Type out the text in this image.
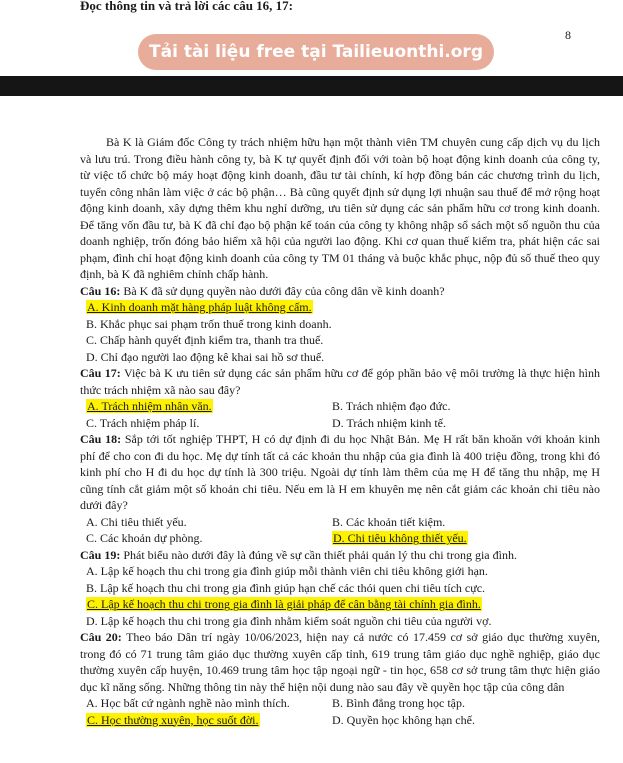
Đọc thông tin và trả lời các câu 16, 17:
8
Tải tài liệu free tại Tailieuonthi.org

Bà K là Giám đốc Công ty trách nhiệm hữu hạn một thành viên TM chuyên cung cấp dịch vụ du lịch và lưu trú. Trong điều hành công ty, bà K tự quyết định đối với toàn bộ hoạt động kinh doanh của công ty, từ việc tổ chức bộ máy hoạt động kinh doanh, đầu tư tài chính, kí hợp đồng bán các chương trình du lịch, tuyển công nhân làm việc ở các bộ phận… Bà cũng quyết định sử dụng lợi nhuận sau thuế để mở rộng hoạt động kinh doanh, xây dựng thêm khu nghỉ dưỡng, ưu tiên sử dụng các sản phẩm hữu cơ trong kinh doanh. Để tăng vốn đầu tư, bà K đã chỉ đạo bộ phận kế toán của công ty không nhập sổ sách một số nguồn thu của doanh nghiệp, trốn đóng bảo hiểm xã hội của người lao động. Khi cơ quan thuế kiểm tra, phát hiện các sai phạm, đình chỉ hoạt động kinh doanh của công ty TM 01 tháng và buộc khắc phục, nộp đủ số thuế theo quy định, bà K đã nghiêm chỉnh chấp hành.

Câu 16: Bà K đã sử dụng quyền nào dưới đây của công dân về kinh doanh?

A. Kinh doanh mặt hàng pháp luật không cấm.
B. Khắc phục sai phạm trốn thuế trong kinh doanh.
C. Chấp hành quyết định kiểm tra, thanh tra thuế.
D. Chỉ đạo người lao động kê khai sai hồ sơ thuế.

Câu 17: Việc bà K ưu tiên sử dụng các sản phẩm hữu cơ để góp phần bảo vệ môi trường là thực hiện hình thức trách nhiệm xã nào sau đây?

A. Trách nhiệm nhân văn.	B. Trách nhiệm đạo đức.
C. Trách nhiệm pháp lí.	D. Trách nhiệm kinh tế.

Câu 18: Sắp tới tốt nghiệp THPT, H có dự định đi du học Nhật Bản. Mẹ H rất băn khoăn với khoản kinh phí để cho con đi du học. Mẹ dự tính tất cả các khoản thu nhập của gia đình là 400 triệu đồng, trong khi đó kinh phí cho H đi du học dự tính là 300 triệu. Ngoài dự tính làm thêm của mẹ H để tăng thu nhập, mẹ H cũng tính cắt giảm một số khoản chi tiêu. Nếu em là H em khuyên mẹ nên cắt giảm các khoản chi tiêu nào dưới đây?

A. Chi tiêu thiết yếu.	B. Các khoản tiết kiệm.
C. Các khoản dự phòng.	D. Chi tiêu không thiết yếu.

Câu 19: Phát biểu nào dưới đây là đúng về sự cần thiết phải quản lý thu chi trong gia đình.

A. Lập kế hoạch thu chi trong gia đình giúp mỗi thành viên chi tiêu không giới hạn.
B. Lập kế hoạch thu chi trong gia đình giúp hạn chế các thói quen chi tiêu tích cực.
C. Lập kế hoạch thu chi trong gia đình là giải pháp để cân bằng tài chính gia đình.
D. Lập kế hoạch thu chi trong gia đình nhằm kiểm soát nguồn chi tiêu của người vợ.

Câu 20: Theo báo Dân trí ngày 10/06/2023, hiện nay cả nước có 17.459 cơ sở giáo dục thường xuyên, trong đó có 71 trung tâm giáo dục thường xuyên cấp tỉnh, 619 trung tâm giáo dục nghề nghiệp, giáo dục thường xuyên cấp huyện, 10.469 trung tâm học tập ngoại ngữ - tin học, 658 cơ sở trung tâm thực hiện giáo dục kĩ năng sống. Những thông tin này thể hiện nội dung nào sau đây về quyền học tập của công dân

A. Học bất cứ ngành nghề nào mình thích.	B. Bình đẳng trong học tập.
C. Học thường xuyên, học suốt đời.	D. Quyền học không hạn chế.
